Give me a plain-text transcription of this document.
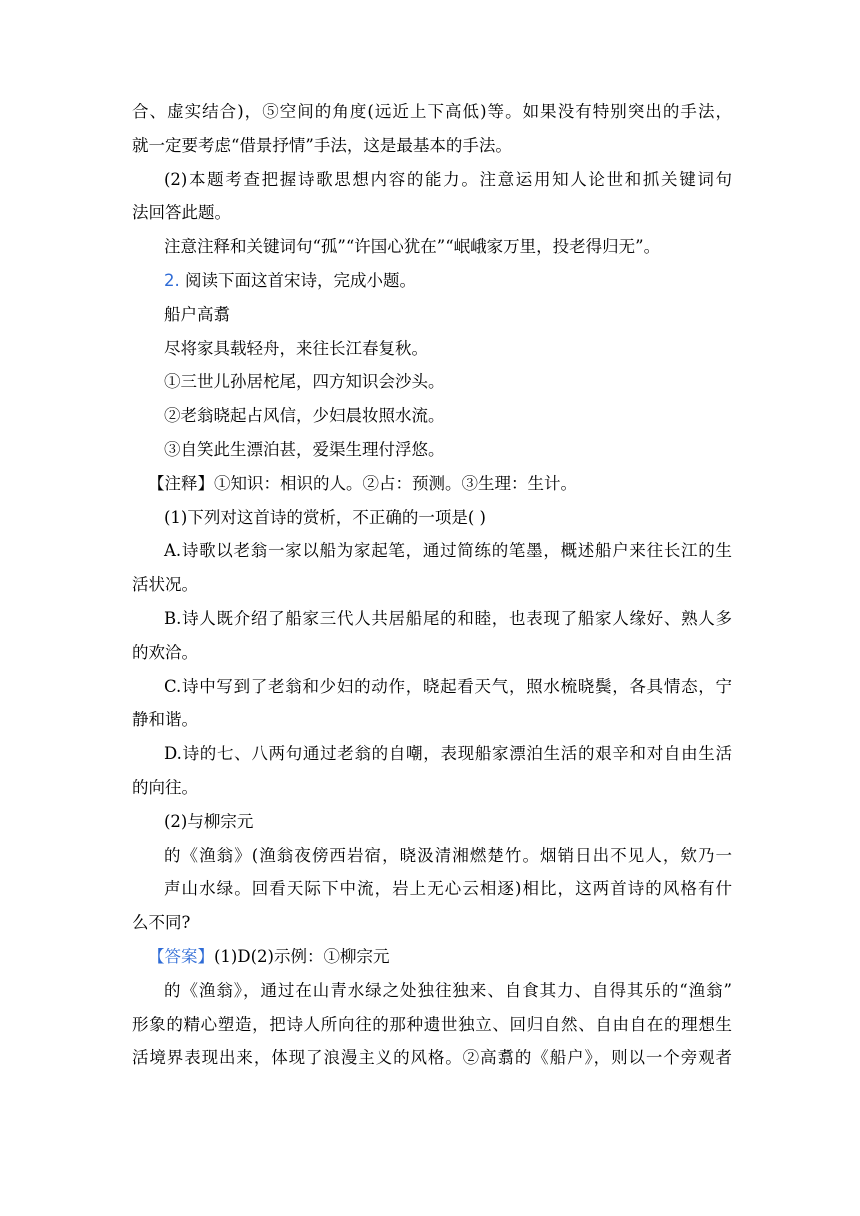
合、虚实结合)，⑤空间的角度(远近上下高低)等。如果没有特别突出的手法，
就一定要考虑“借景抒情”手法，这是最基本的手法。
(2)本题考查把握诗歌思想内容的能力。注意运用知人论世和抓关键词句
法回答此题。
注意注释和关键词句“孤”“许国心犹在”“岷峨家万里，投老得归无”。
2. 阅读下面这首宋诗，完成小题。
船户高翥
尽将家具载轻舟，来往长江春复秋。
①三世儿孙居柁尾，四方知识会沙头。
②老翁晓起占风信，少妇晨妆照水流。
③自笑此生漂泊甚，爱渠生理付浮悠。
【注释】①知识：相识的人。②占：预测。③生理：生计。
(1)下列对这首诗的赏析，不正确的一项是( )
A.诗歌以老翁一家以船为家起笔，通过简练的笔墨，概述船户来往长江的生
活状况。
B.诗人既介绍了船家三代人共居船尾的和睦，也表现了船家人缘好、熟人多
的欢洽。
C.诗中写到了老翁和少妇的动作，晓起看天气，照水梳晓鬓，各具情态，宁
静和谐。
D.诗的七、八两句通过老翁的自嘲，表现船家漂泊生活的艰辛和对自由生活
的向往。
(2)与柳宗元
的《渔翁》(渔翁夜傍西岩宿，晓汲清湘燃楚竹。烟销日出不见人，欸乃一
声山水绿。回看天际下中流，岩上无心云相逐)相比，这两首诗的风格有什
么不同?
【答案】(1)D(2)示例：①柳宗元
的《渔翁》，通过在山青水绿之处独往独来、自食其力、自得其乐的“渔翁”
形象的精心塑造，把诗人所向往的那种遗世独立、回归自然、自由自在的理想生
活境界表现出来，体现了浪漫主义的风格。②高翥的《船户》，则以一个旁观者
